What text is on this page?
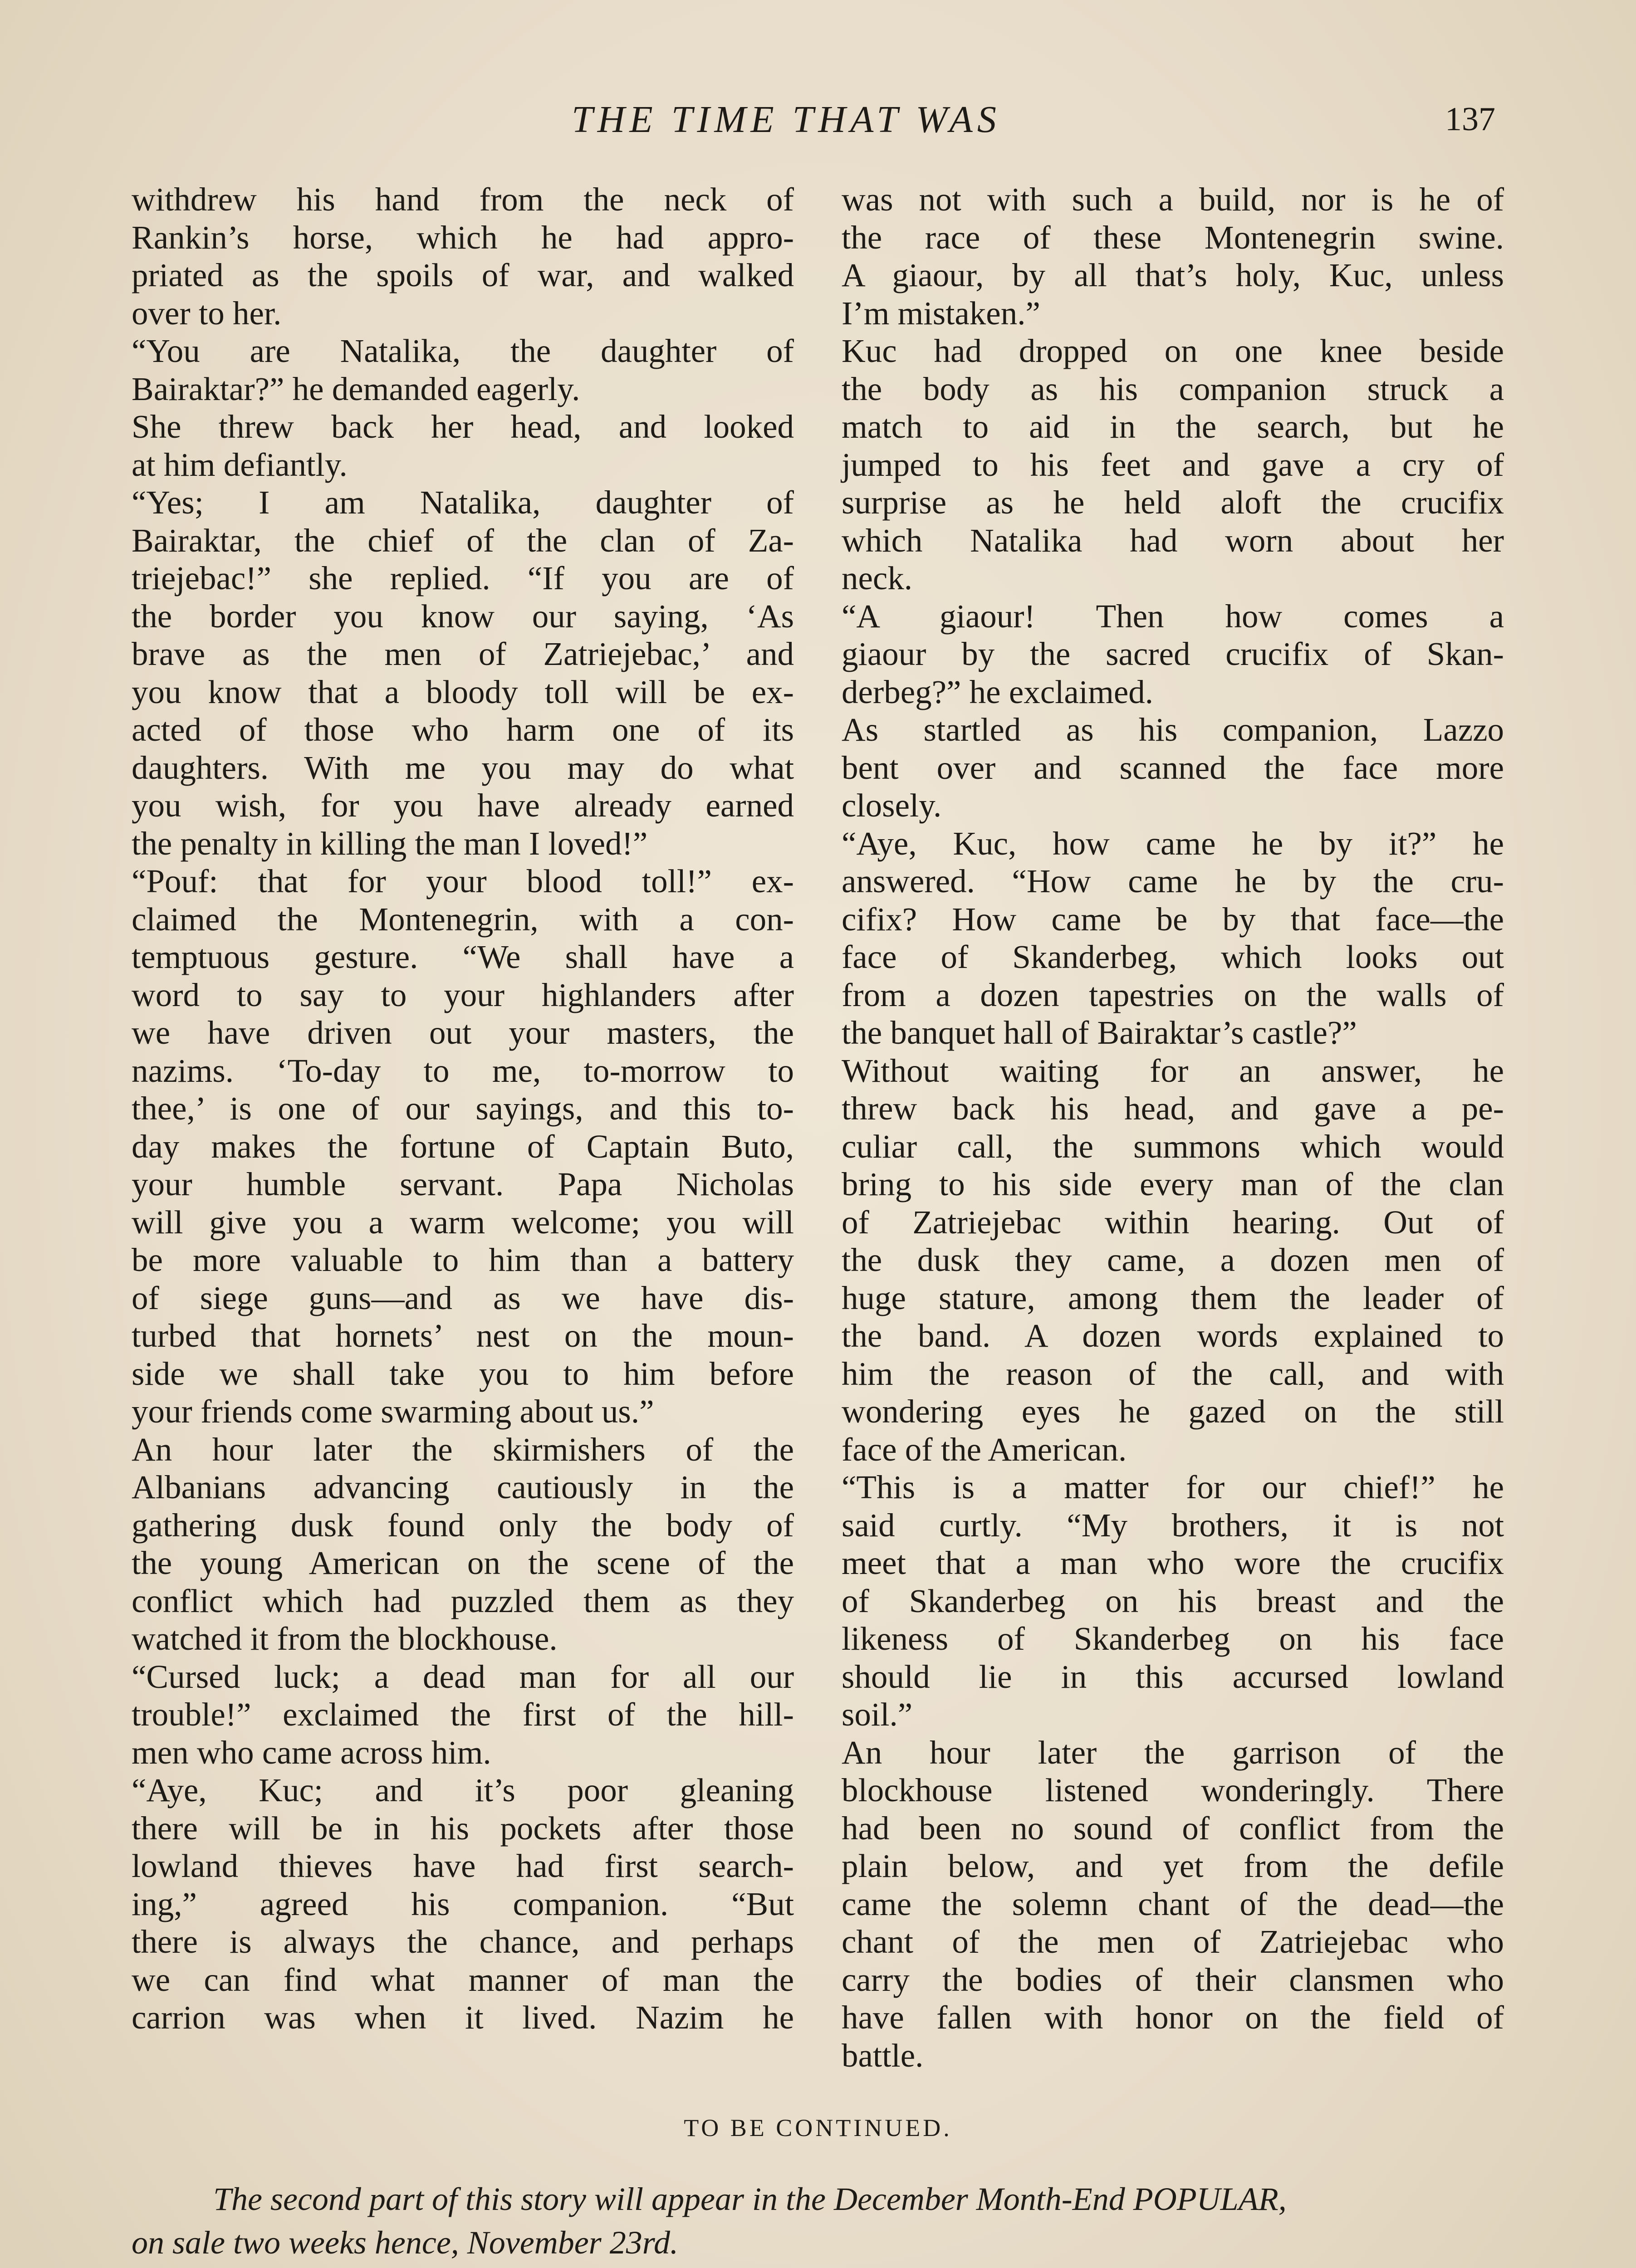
THE TIME THAT WAS	137
withdrew his hand from the neck of
Rankin’s horse, which he had appro-
priated as the spoils of war, and walked
over to her.
“You are Natalika, the daughter of
Bairaktar?” he demanded eagerly.
She threw back her head, and looked
at him defiantly.
“Yes; I am Natalika, daughter of
Bairaktar, the chief of the clan of Za-
triejebac!” she replied. “If you are of
the border you know our saying, ‘As
brave as the men of Zatriejebac,’ and
you know that a bloody toll will be ex-
acted of those who harm one of its
daughters. With me you may do what
you wish, for you have already earned
the penalty in killing the man I loved!”
“Pouf: that for your blood toll!” ex-
claimed the Montenegrin, with a con-
temptuous gesture. “We shall have a
word to say to your highlanders after
we have driven out your masters, the
nazims. ‘To-day to me, to-morrow to
thee,’ is one of our sayings, and this to-
day makes the fortune of Captain Buto,
your humble servant. Papa Nicholas
will give you a warm welcome; you will
be more valuable to him than a battery
of siege guns—and as we have dis-
turbed that hornets’ nest on the moun-
side we shall take you to him before
your friends come swarming about us.”
An hour later the skirmishers of the
Albanians advancing cautiously in the
gathering dusk found only the body of
the young American on the scene of the
conflict which had puzzled them as they
watched it from the blockhouse.
“Cursed luck; a dead man for all our
trouble!” exclaimed the first of the hill-
men who came across him.
“Aye, Kuc; and it’s poor gleaning
there will be in his pockets after those
lowland thieves have had first search-
ing,” agreed his companion. “But
there is always the chance, and perhaps
we can find what manner of man the
carrion was when it lived. Nazim he
was not with such a build, nor is he of
the race of these Montenegrin swine.
A giaour, by all that’s holy, Kuc, unless
I’m mistaken.”
Kuc had dropped on one knee beside
the body as his companion struck a
match to aid in the search, but he
jumped to his feet and gave a cry of
surprise as he held aloft the crucifix
which Natalika had worn about her
neck.
“A giaour! Then how comes a
giaour by the sacred crucifix of Skan-
derbeg?” he exclaimed.
As startled as his companion, Lazzo
bent over and scanned the face more
closely.
“Aye, Kuc, how came he by it?” he
answered. “How came he by the cru-
cifix? How came be by that face—the
face of Skanderbeg, which looks out
from a dozen tapestries on the walls of
the banquet hall of Bairaktar’s castle?”
Without waiting for an answer, he
threw back his head, and gave a pe-
culiar call, the summons which would
bring to his side every man of the clan
of Zatriejebac within hearing. Out of
the dusk they came, a dozen men of
huge stature, among them the leader of
the band. A dozen words explained to
him the reason of the call, and with
wondering eyes he gazed on the still
face of the American.
“This is a matter for our chief!” he
said curtly. “My brothers, it is not
meet that a man who wore the crucifix
of Skanderbeg on his breast and the
likeness of Skanderbeg on his face
should lie in this accursed lowland
soil.”
An hour later the garrison of the
blockhouse listened wonderingly. There
had been no sound of conflict from the
plain below, and yet from the defile
came the solemn chant of the dead—the
chant of the men of Zatriejebac who
carry the bodies of their clansmen who
have fallen with honor on the field of
battle.
TO BE CONTINUED.
The second part of this story will appear in the December Month-End POPULAR,
on sale two weeks hence, November 23rd.
